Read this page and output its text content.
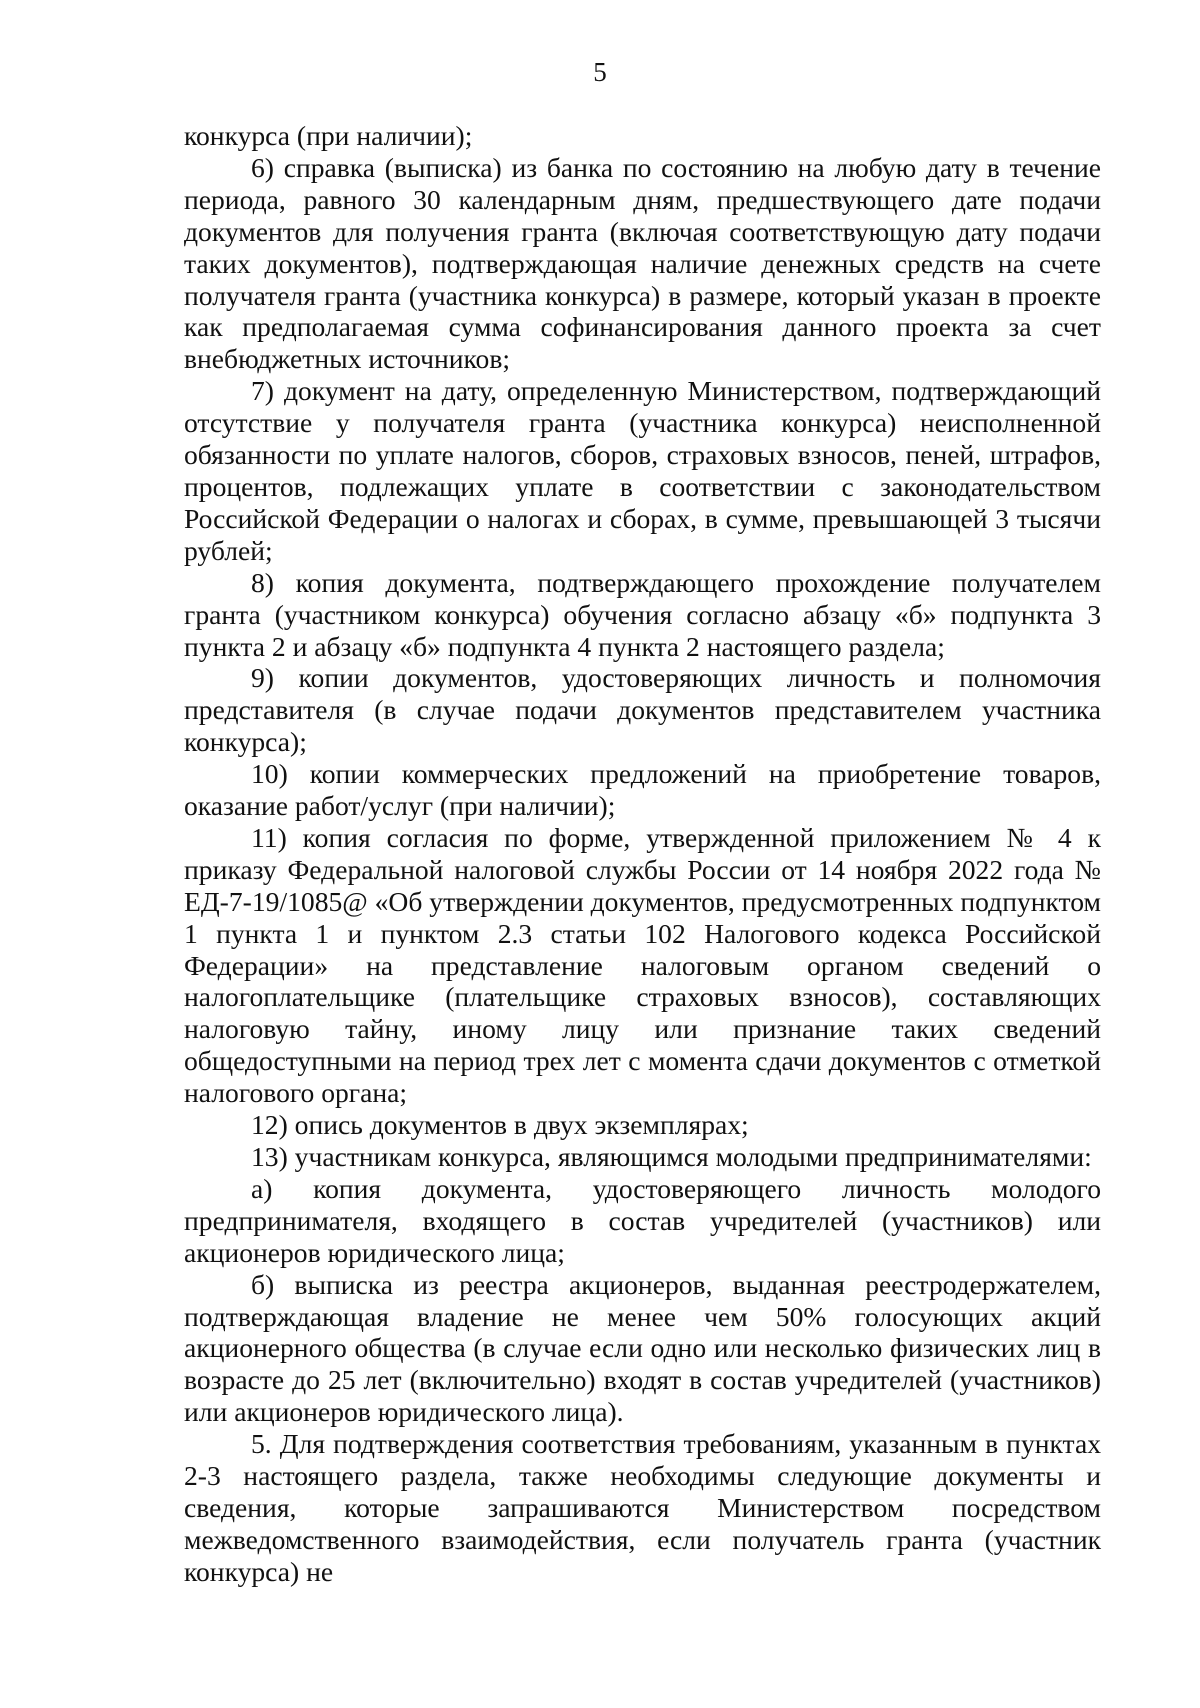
5

конкурса (при наличии);

6) справка (выписка) из банка по состоянию на любую дату в течение периода, равного 30 календарным дням, предшествующего дате подачи документов для получения гранта (включая соответствующую дату подачи таких документов), подтверждающая наличие денежных средств на счете получателя гранта (участника конкурса) в размере, который указан в проекте как предполагаемая сумма софинансирования данного проекта за счет внебюджетных источников;

7) документ на дату, определенную Министерством, подтверждающий отсутствие у получателя гранта (участника конкурса) неисполненной обязанности по уплате налогов, сборов, страховых взносов, пеней, штрафов, процентов, подлежащих уплате в соответствии с законодательством Российской Федерации о налогах и сборах, в сумме, превышающей 3 тысячи рублей;

8) копия документа, подтверждающего прохождение получателем гранта (участником конкурса) обучения согласно абзацу «б» подпункта 3 пункта 2 и абзацу «б» подпункта 4 пункта 2 настоящего раздела;

9) копии документов, удостоверяющих личность и полномочия представителя (в случае подачи документов представителем участника конкурса);

10) копии коммерческих предложений на приобретение товаров, оказание работ/услуг (при наличии);

11) копия согласия по форме, утвержденной приложением № 4 к приказу Федеральной налоговой службы России от 14 ноября 2022 года № ЕД-7-19/1085@ «Об утверждении документов, предусмотренных подпунктом 1 пункта 1 и пунктом 2.3 статьи 102 Налогового кодекса Российской Федерации» на представление налоговым органом сведений о налогоплательщике (плательщике страховых взносов), составляющих налоговую тайну, иному лицу или признание таких сведений общедоступными на период трех лет с момента сдачи документов с отметкой налогового органа;

12) опись документов в двух экземплярах;

13) участникам конкурса, являющимся молодыми предпринимателями:

а) копия документа, удостоверяющего личность молодого предпринимателя, входящего в состав учредителей (участников) или акционеров юридического лица;

б) выписка из реестра акционеров, выданная реестродержателем, подтверждающая владение не менее чем 50% голосующих акций акционерного общества (в случае если одно или несколько физических лиц в возрасте до 25 лет (включительно) входят в состав учредителей (участников) или акционеров юридического лица).

5. Для подтверждения соответствия требованиям, указанным в пунктах 2-3 настоящего раздела, также необходимы следующие документы и сведения, которые запрашиваются Министерством посредством межведомственного взаимодействия, если получатель гранта (участник конкурса) не
